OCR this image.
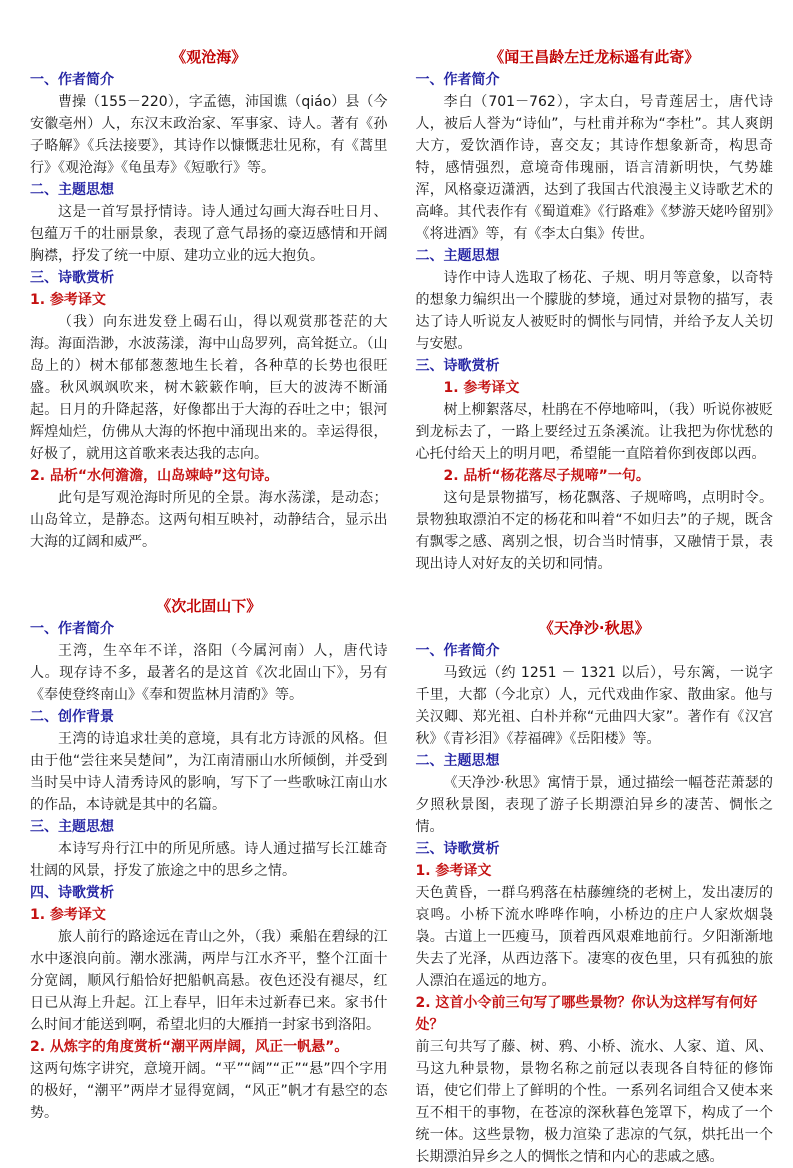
《观沧海》
一、作者简介
曹操（155－220），字孟德，沛国谯（qiáo）县（今安徽亳州）人，东汉末政治家、军事家、诗人。著有《孙子略解》《兵法接要》，其诗作以慷慨悲壮见称，有《蒿里行》《观沧海》《龟虽寿》《短歌行》等。
二、主题思想
这是一首写景抒情诗。诗人通过勾画大海吞吐日月、包蕴万千的壮丽景象，表现了意气昂扬的豪迈感情和开阔胸襟，抒发了统一中原、建功立业的远大抱负。
三、诗歌赏析
1. 参考译文
（我）向东进发登上碣石山，得以观赏那苍茫的大海。海面浩渺，水波荡漾，海中山岛罗列，高耸挺立。（山岛上的）树木郁郁葱葱地生长着，各种草的长势也很旺盛。秋风飒飒吹来，树木簌簌作响，巨大的波涛不断涌起。日月的升降起落，好像都出于大海的吞吐之中；银河辉煌灿烂，仿佛从大海的怀抱中涌现出来的。幸运得很，好极了，就用这首歌来表达我的志向。
2. 品析“水何澹澹，山岛竦峙”这句诗。
此句是写观沧海时所见的全景。海水荡漾，是动态；山岛耸立，是静态。这两句相互映衬，动静结合，显示出大海的辽阔和威严。
《次北固山下》
一、作者简介
王湾，生卒年不详，洛阳（今属河南）人，唐代诗人。现存诗不多，最著名的是这首《次北固山下》，另有《奉使登终南山》《奉和贺监林月清酌》等。
二、创作背景
王湾的诗追求壮美的意境，具有北方诗派的风格。但由于他“尝往来吴楚间”，为江南清丽山水所倾倒，并受到当时吴中诗人清秀诗风的影响，写下了一些歌咏江南山水的作品，本诗就是其中的名篇。
三、主题思想
本诗写舟行江中的所见所感。诗人通过描写长江雄奇壮阔的风景，抒发了旅途之中的思乡之情。
四、诗歌赏析
1. 参考译文
旅人前行的路途远在青山之外，（我）乘船在碧绿的江水中逐浪向前。潮水涨满，两岸与江水齐平，整个江面十分宽阔，顺风行船恰好把船帆高悬。夜色还没有褪尽，红日已从海上升起。江上春早，旧年未过新春已来。家书什么时间才能送到啊，希望北归的大雁捎一封家书到洛阳。
2. 从炼字的角度赏析“潮平两岸阔，风正一帆悬”。
这两句炼字讲究，意境开阔。“平”“阔”“正”“悬”四个字用的极好，“潮平”两岸才显得宽阔，“风正”帆才有悬空的态势。
《闻王昌龄左迁龙标遥有此寄》
一、作者简介
李白（701－762），字太白，号青莲居士，唐代诗人，被后人誉为“诗仙”，与杜甫并称为“李杜”。其人爽朗大方，爱饮酒作诗，喜交友；其诗作想象新奇，构思奇特，感情强烈，意境奇伟瑰丽，语言清新明快，气势雄浑，风格豪迈潇洒，达到了我国古代浪漫主义诗歌艺术的高峰。其代表作有《蜀道难》《行路难》《梦游天姥吟留别》《将进酒》等，有《李太白集》传世。
二、主题思想
诗作中诗人选取了杨花、子规、明月等意象，以奇特的想象力编织出一个朦胧的梦境，通过对景物的描写，表达了诗人听说友人被贬时的惆怅与同情，并给予友人关切与安慰。
三、诗歌赏析
1. 参考译文
树上柳絮落尽，杜鹃在不停地啼叫，（我）听说你被贬到龙标去了，一路上要经过五条溪流。让我把为你忧愁的心托付给天上的明月吧，希望能一直陪着你到夜郎以西。
2. 品析“杨花落尽子规啼”一句。
这句是景物描写，杨花飘落、子规啼鸣，点明时令。景物独取漂泊不定的杨花和叫着“不如归去”的子规，既含有飘零之感、离别之恨，切合当时情事，又融情于景，表现出诗人对好友的关切和同情。
《天净沙·秋思》
一、作者简介
马致远（约 1251 － 1321 以后），号东篱，一说字千里，大都（今北京）人，元代戏曲作家、散曲家。他与关汉卿、郑光祖、白朴并称“元曲四大家”。著作有《汉宫秋》《青衫泪》《荐福碑》《岳阳楼》等。
二、主题思想
《天净沙·秋思》寓情于景，通过描绘一幅苍茫萧瑟的夕照秋景图，表现了游子长期漂泊异乡的凄苦、惆怅之情。
三、诗歌赏析
1. 参考译文
天色黄昏，一群乌鸦落在枯藤缠绕的老树上，发出凄厉的哀鸣。小桥下流水哗哗作响，小桥边的庄户人家炊烟袅袅。古道上一匹瘦马，顶着西风艰难地前行。夕阳渐渐地失去了光泽，从西边落下。凄寒的夜色里，只有孤独的旅人漂泊在遥远的地方。
2. 这首小令前三句写了哪些景物？你认为这样写有何好处？
前三句共写了藤、树、鸦、小桥、流水、人家、道、风、马这九种景物，景物名称之前冠以表现各自特征的修饰语，使它们带上了鲜明的个性。一系列名词组合又使本来互不相干的事物，在苍凉的深秋暮色笼罩下，构成了一个统一体。这些景物，极力渲染了悲凉的气氛，烘托出一个长期漂泊异乡之人的惆怅之情和内心的悲戚之感。
